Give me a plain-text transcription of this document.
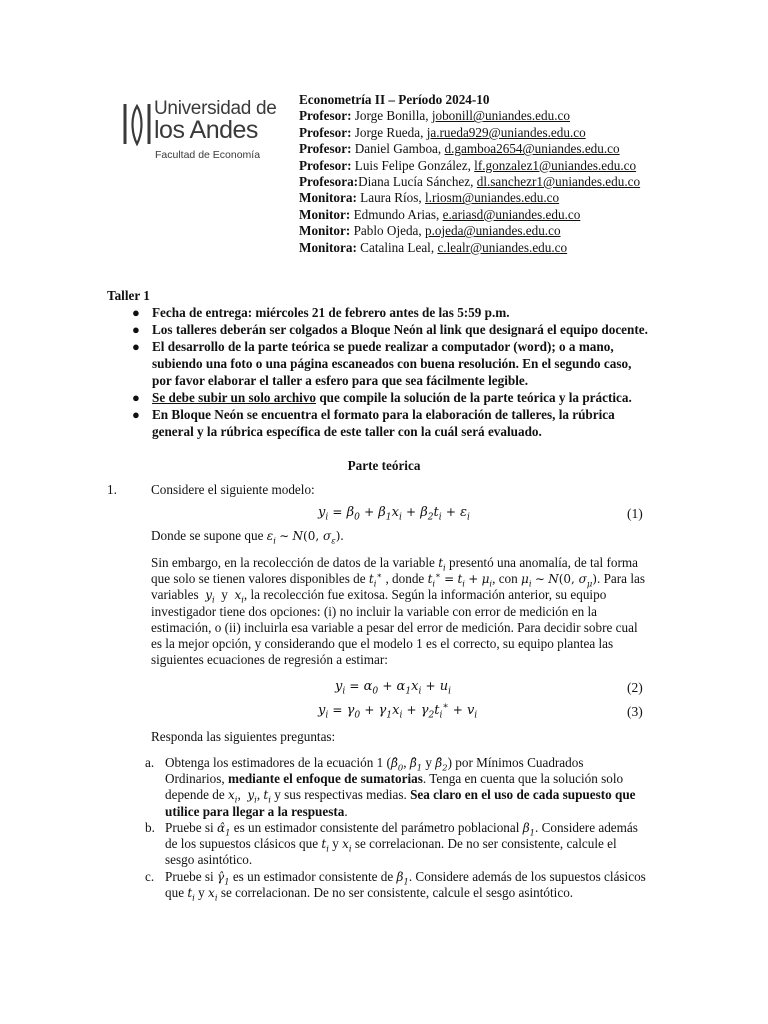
Universidad de
los Andes
Facultad de Economía
Econometría II – Período 2024-10
Profesor: Jorge Bonilla, jobonill@uniandes.edu.co
Profesor: Jorge Rueda, ja.rueda929@uniandes.edu.co
Profesor: Daniel Gamboa, d.gamboa2654@uniandes.edu.co
Profesor: Luis Felipe González, lf.gonzalez1@uniandes.edu.co
Profesora:Diana Lucía Sánchez, dl.sanchezr1@uniandes.edu.co
Monitora: Laura Ríos, l.riosm@uniandes.edu.co
Monitor: Edmundo Arias, e.ariasd@uniandes.edu.co
Monitor: Pablo Ojeda, p.ojeda@uniandes.edu.co
Monitora: Catalina Leal, c.lealr@uniandes.edu.co
Taller 1
● Fecha de entrega: miércoles 21 de febrero antes de las 5:59 p.m.
● Los talleres deberán ser colgados a Bloque Neón al link que designará el equipo docente.
● El desarrollo de la parte teórica se puede realizar a computador (word); o a mano,
subiendo una foto o una página escaneados con buena resolución. En el segundo caso,
por favor elaborar el taller a esfero para que sea fácilmente legible.
● Se debe subir un solo archivo que compile la solución de la parte teórica y la práctica.
● En Bloque Neón se encuentra el formato para la elaboración de talleres, la rúbrica
general y la rúbrica específica de este taller con la cuál será evaluado.
Parte teórica
1.	Considere el siguiente modelo:
$y_i = \beta_0 + \beta_1x_i + \beta_2t_i + \varepsilon_i$	(1)
Donde se supone que $\varepsilon_i$ ∼ N(0, $\sigma_\varepsilon$).
Sin embargo, en la recolección de datos de la variable $t_i$ presentó una anomalía, de tal forma
que solo se tienen valores disponibles de $t_i^∗$ , donde $t_i^∗ = t_i + \mu_i$, con $\mu_i$ ∼ N(0, $\sigma_\mu$). Para las
variables $y_i$ y $x_i$, la recolección fue exitosa. Según la información anterior, su equipo
investigador tiene dos opciones: (i) no incluir la variable con error de medición en la
estimación, o (ii) incluirla esa variable a pesar del error de medición. Para decidir sobre cual
es la mejor opción, y considerando que el modelo 1 es el correcto, su equipo plantea las
siguientes ecuaciones de regresión a estimar:
$y_i = \alpha_0 + \alpha_1x_i + u_i$	(2)
$y_i = \gamma_0 + \gamma_1x_i + \gamma_2t_i^∗ + v_i$	(3)
Responda las siguientes preguntas:
a. Obtenga los estimadores de la ecuación 1 ($\betâ_0$, $\betâ_1$ y $\betâ_2$) por Mínimos Cuadrados
Ordinarios, mediante el enfoque de sumatorias. Tenga en cuenta que la solución solo
depende de $x_i$,  $y_i$, $t_i$ y sus respectivas medias. Sea claro en el uso de cada supuesto que
utilice para llegar a la respuesta.
b. Pruebe si $\alphâ_1$ es un estimador consistente del parámetro poblacional $\beta_1$. Considere además
de los supuestos clásicos que $t_i$ y $x_i$ se correlacionan. De no ser consistente, calcule el
sesgo asintótico.
c. Pruebe si $\gammâ_1$ es un estimador consistente de $\beta_1$. Considere además de los supuestos clásicos
que $t_i$ y $x_i$ se correlacionan. De no ser consistente, calcule el sesgo asintótico.
